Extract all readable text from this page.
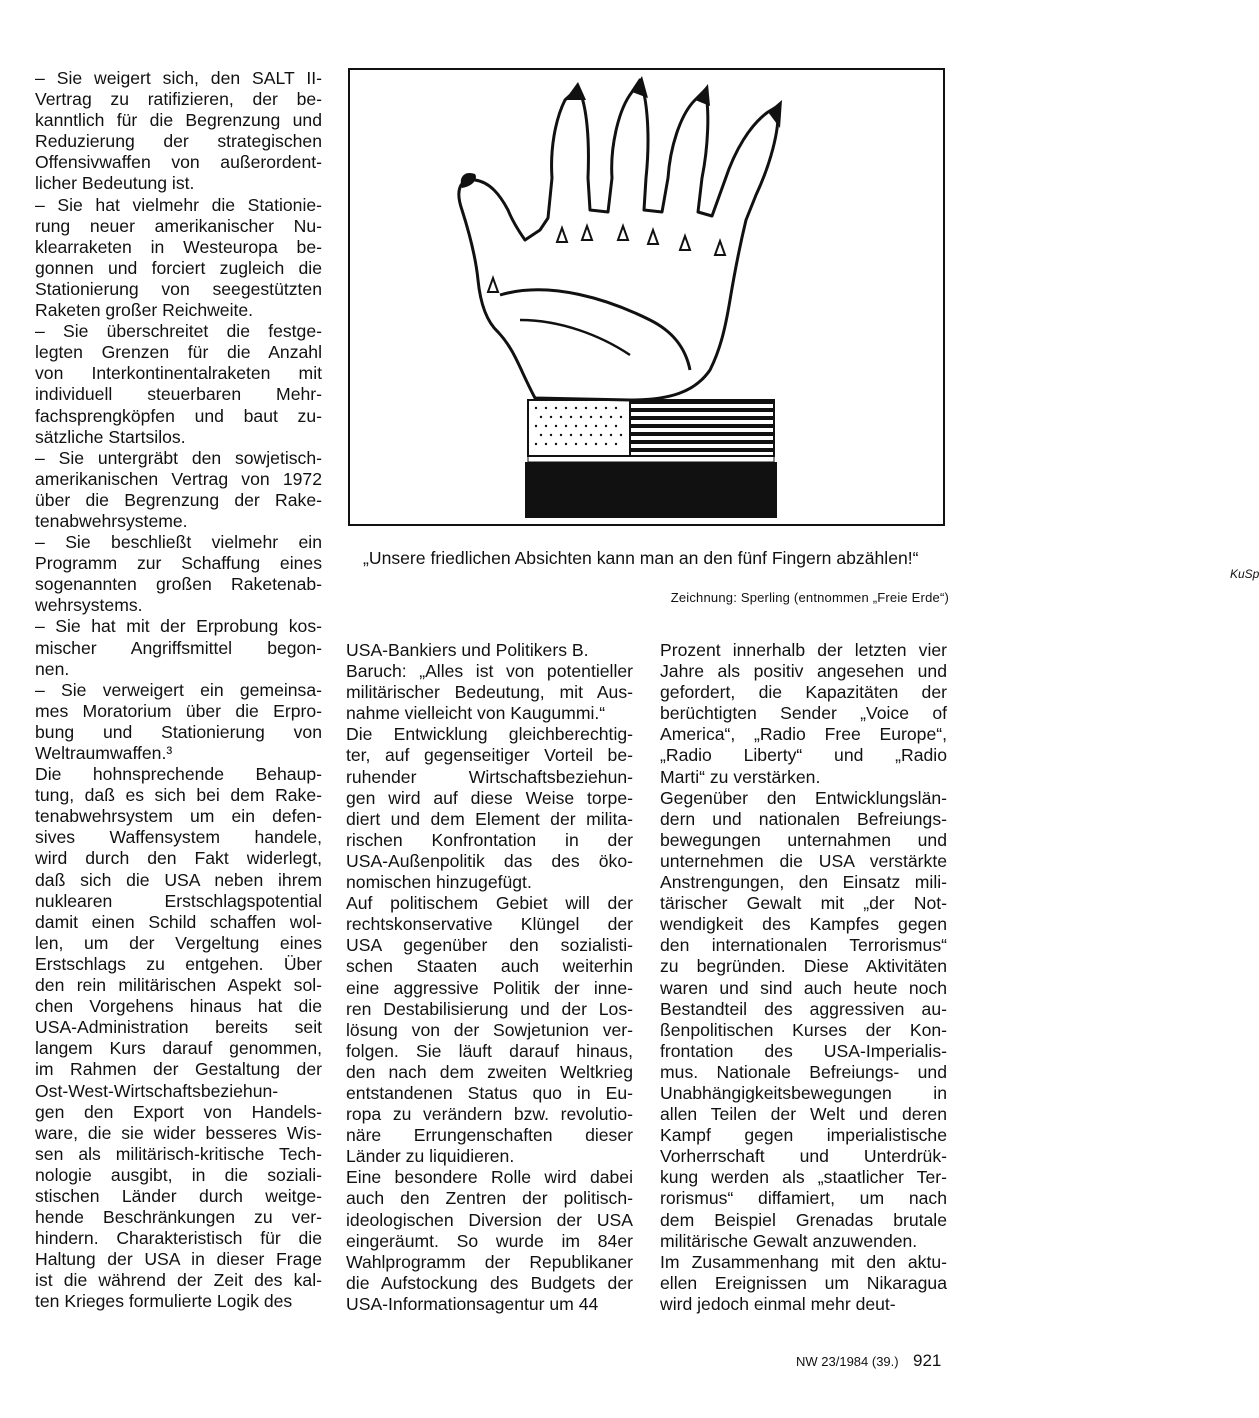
– Sie weigert sich, den SALT II-
Vertrag zu ratifizieren, der be-
kanntlich für die Begrenzung und
Reduzierung der strategischen
Offensivwaffen von außerordent-
licher Bedeutung ist.
– Sie hat vielmehr die Stationie-
rung neuer amerikanischer Nu-
klearraketen in Westeuropa be-
gonnen und forciert zugleich die
Stationierung von seegestützten
Raketen großer Reichweite.
– Sie überschreitet die festge-
legten Grenzen für die Anzahl
von Interkontinentalraketen mit
individuell steuerbaren Mehr-
fachsprengköpfen und baut zu-
sätzliche Startsilos.
– Sie untergräbt den sowjetisch-
amerikanischen Vertrag von 1972
über die Begrenzung der Rake-
tenabwehrsysteme.
– Sie beschließt vielmehr ein
Programm zur Schaffung eines
sogenannten großen Raketenab-
wehrsystems.
– Sie hat mit der Erprobung kos-
mischer Angriffsmittel begon-
nen.
– Sie verweigert ein gemeinsa-
mes Moratorium über die Erpro-
bung und Stationierung von
Weltraumwaffen.³
Die hohnsprechende Behaup-
tung, daß es sich bei dem Rake-
tenabwehrsystem um ein defen-
sives Waffensystem handele,
wird durch den Fakt widerlegt,
daß sich die USA neben ihrem
nuklearen Erstschlagspotential
damit einen Schild schaffen wol-
len, um der Vergeltung eines
Erstschlags zu entgehen. Über
den rein militärischen Aspekt sol-
chen Vorgehens hinaus hat die
USA-Administration bereits seit
langem Kurs darauf genommen,
im Rahmen der Gestaltung der
Ost-West-Wirtschaftsbeziehun-
gen den Export von Handels-
ware, die sie wider besseres Wis-
sen als militärisch-kritische Tech-
nologie ausgibt, in die soziali-
stischen Länder durch weitge-
hende Beschränkungen zu ver-
hindern. Charakteristisch für die
Haltung der USA in dieser Frage
ist die während der Zeit des kal-
ten Krieges formulierte Logik des
KuSp
„Unsere friedlichen Absichten kann man an den fünf Fingern abzählen!“
Zeichnung: Sperling (entnommen „Freie Erde“)
USA-Bankiers und Politikers B.
Baruch: „Alles ist von potentieller
militärischer Bedeutung, mit Aus-
nahme vielleicht von Kaugummi.“
Die Entwicklung gleichberechtig-
ter, auf gegenseitiger Vorteil be-
ruhender Wirtschaftsbeziehun-
gen wird auf diese Weise torpe-
diert und dem Element der milita-
rischen Konfrontation in der
USA-Außenpolitik das des öko-
nomischen hinzugefügt.
Auf politischem Gebiet will der
rechtskonservative Klüngel der
USA gegenüber den sozialisti-
schen Staaten auch weiterhin
eine aggressive Politik der inne-
ren Destabilisierung und der Los-
lösung von der Sowjetunion ver-
folgen. Sie läuft darauf hinaus,
den nach dem zweiten Weltkrieg
entstandenen Status quo in Eu-
ropa zu verändern bzw. revolutio-
näre Errungenschaften dieser
Länder zu liquidieren.
Eine besondere Rolle wird dabei
auch den Zentren der politisch-
ideologischen Diversion der USA
eingeräumt. So wurde im 84er
Wahlprogramm der Republikaner
die Aufstockung des Budgets der
USA-Informationsagentur um 44
Prozent innerhalb der letzten vier
Jahre als positiv angesehen und
gefordert, die Kapazitäten der
berüchtigten Sender „Voice of
America“, „Radio Free Europe“,
„Radio Liberty“ und „Radio
Marti“ zu verstärken.
Gegenüber den Entwicklungslän-
dern und nationalen Befreiungs-
bewegungen unternahmen und
unternehmen die USA verstärkte
Anstrengungen, den Einsatz mili-
tärischer Gewalt mit „der Not-
wendigkeit des Kampfes gegen
den internationalen Terrorismus“
zu begründen. Diese Aktivitäten
waren und sind auch heute noch
Bestandteil des aggressiven au-
ßenpolitischen Kurses der Kon-
frontation des USA-Imperialis-
mus. Nationale Befreiungs- und
Unabhängigkeitsbewegungen in
allen Teilen der Welt und deren
Kampf gegen imperialistische
Vorherrschaft und Unterdrük-
kung werden als „staatlicher Ter-
rorismus“ diffamiert, um nach
dem Beispiel Grenadas brutale
militärische Gewalt anzuwenden.
Im Zusammenhang mit den aktu-
ellen Ereignissen um Nikaragua
wird jedoch einmal mehr deut-
NW 23/1984 (39.) 921
